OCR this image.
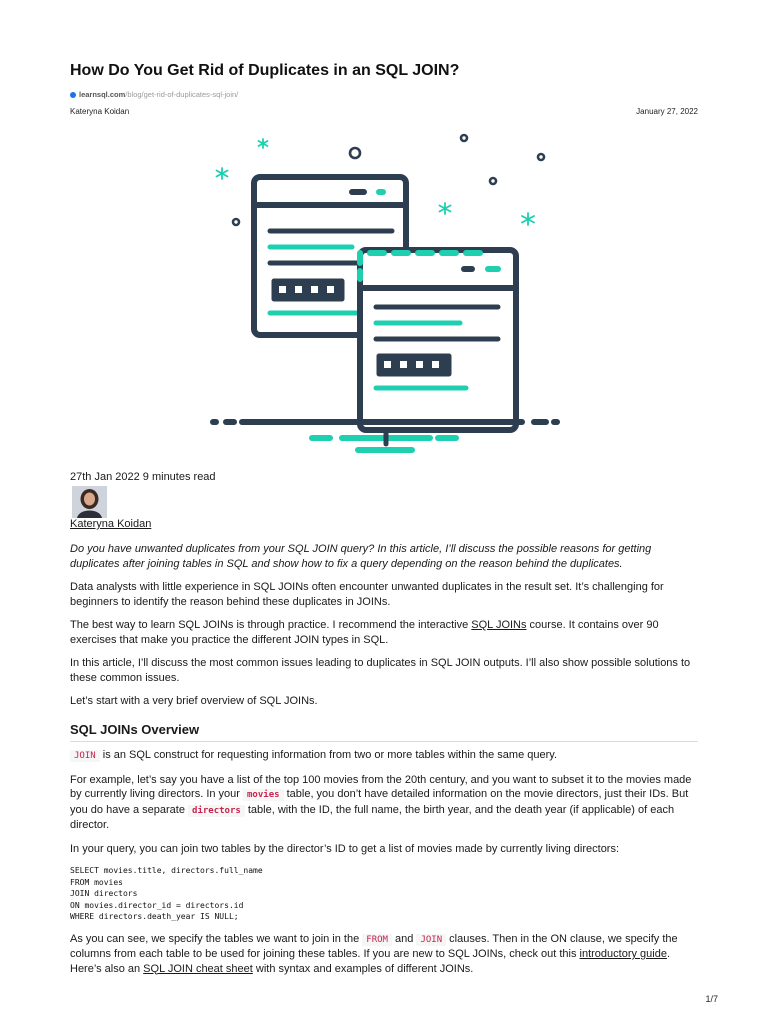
How Do You Get Rid of Duplicates in an SQL JOIN?
learnsql.com /blog/get-rid-of-duplicates-sql-join/
Kateryna Koidan	January 27, 2022
27th Jan 2022 9 minutes read
Kateryna Koidan

Do you have unwanted duplicates from your SQL JOIN query? In this article, I’ll discuss the possible reasons for getting duplicates after joining tables in SQL and show how to fix a query depending on the reason behind the duplicates.

Data analysts with little experience in SQL JOINs often encounter unwanted duplicates in the result set. It’s challenging for beginners to identify the reason behind these duplicates in JOINs.

The best way to learn SQL JOINs is through practice. I recommend the interactive SQL JOINs course. It contains over 90 exercises that make you practice the different JOIN types in SQL.

In this article, I’ll discuss the most common issues leading to duplicates in SQL JOIN outputs. I’ll also show possible solutions to these common issues.

Let’s start with a very brief overview of SQL JOINs.

SQL JOINs Overview

JOIN is an SQL construct for requesting information from two or more tables within the same query.

For example, let’s say you have a list of the top 100 movies from the 20th century, and you want to subset it to the movies made by currently living directors. In your movies table, you don’t have detailed information on the movie directors, just their IDs. But you do have a separate directors table, with the ID, the full name, the birth year, and the death year (if applicable) of each director.

In your query, you can join two tables by the director’s ID to get a list of movies made by currently living directors:

SELECT movies.title, directors.full_name
FROM movies
JOIN directors
ON movies.director_id = directors.id
WHERE directors.death_year IS NULL;

As you can see, we specify the tables we want to join in the FROM and JOIN clauses. Then in the ON clause, we specify the columns from each table to be used for joining these tables. If you are new to SQL JOINs, check out this introductory guide. Here’s also an SQL JOIN cheat sheet with syntax and examples of different JOINs.

1/7
